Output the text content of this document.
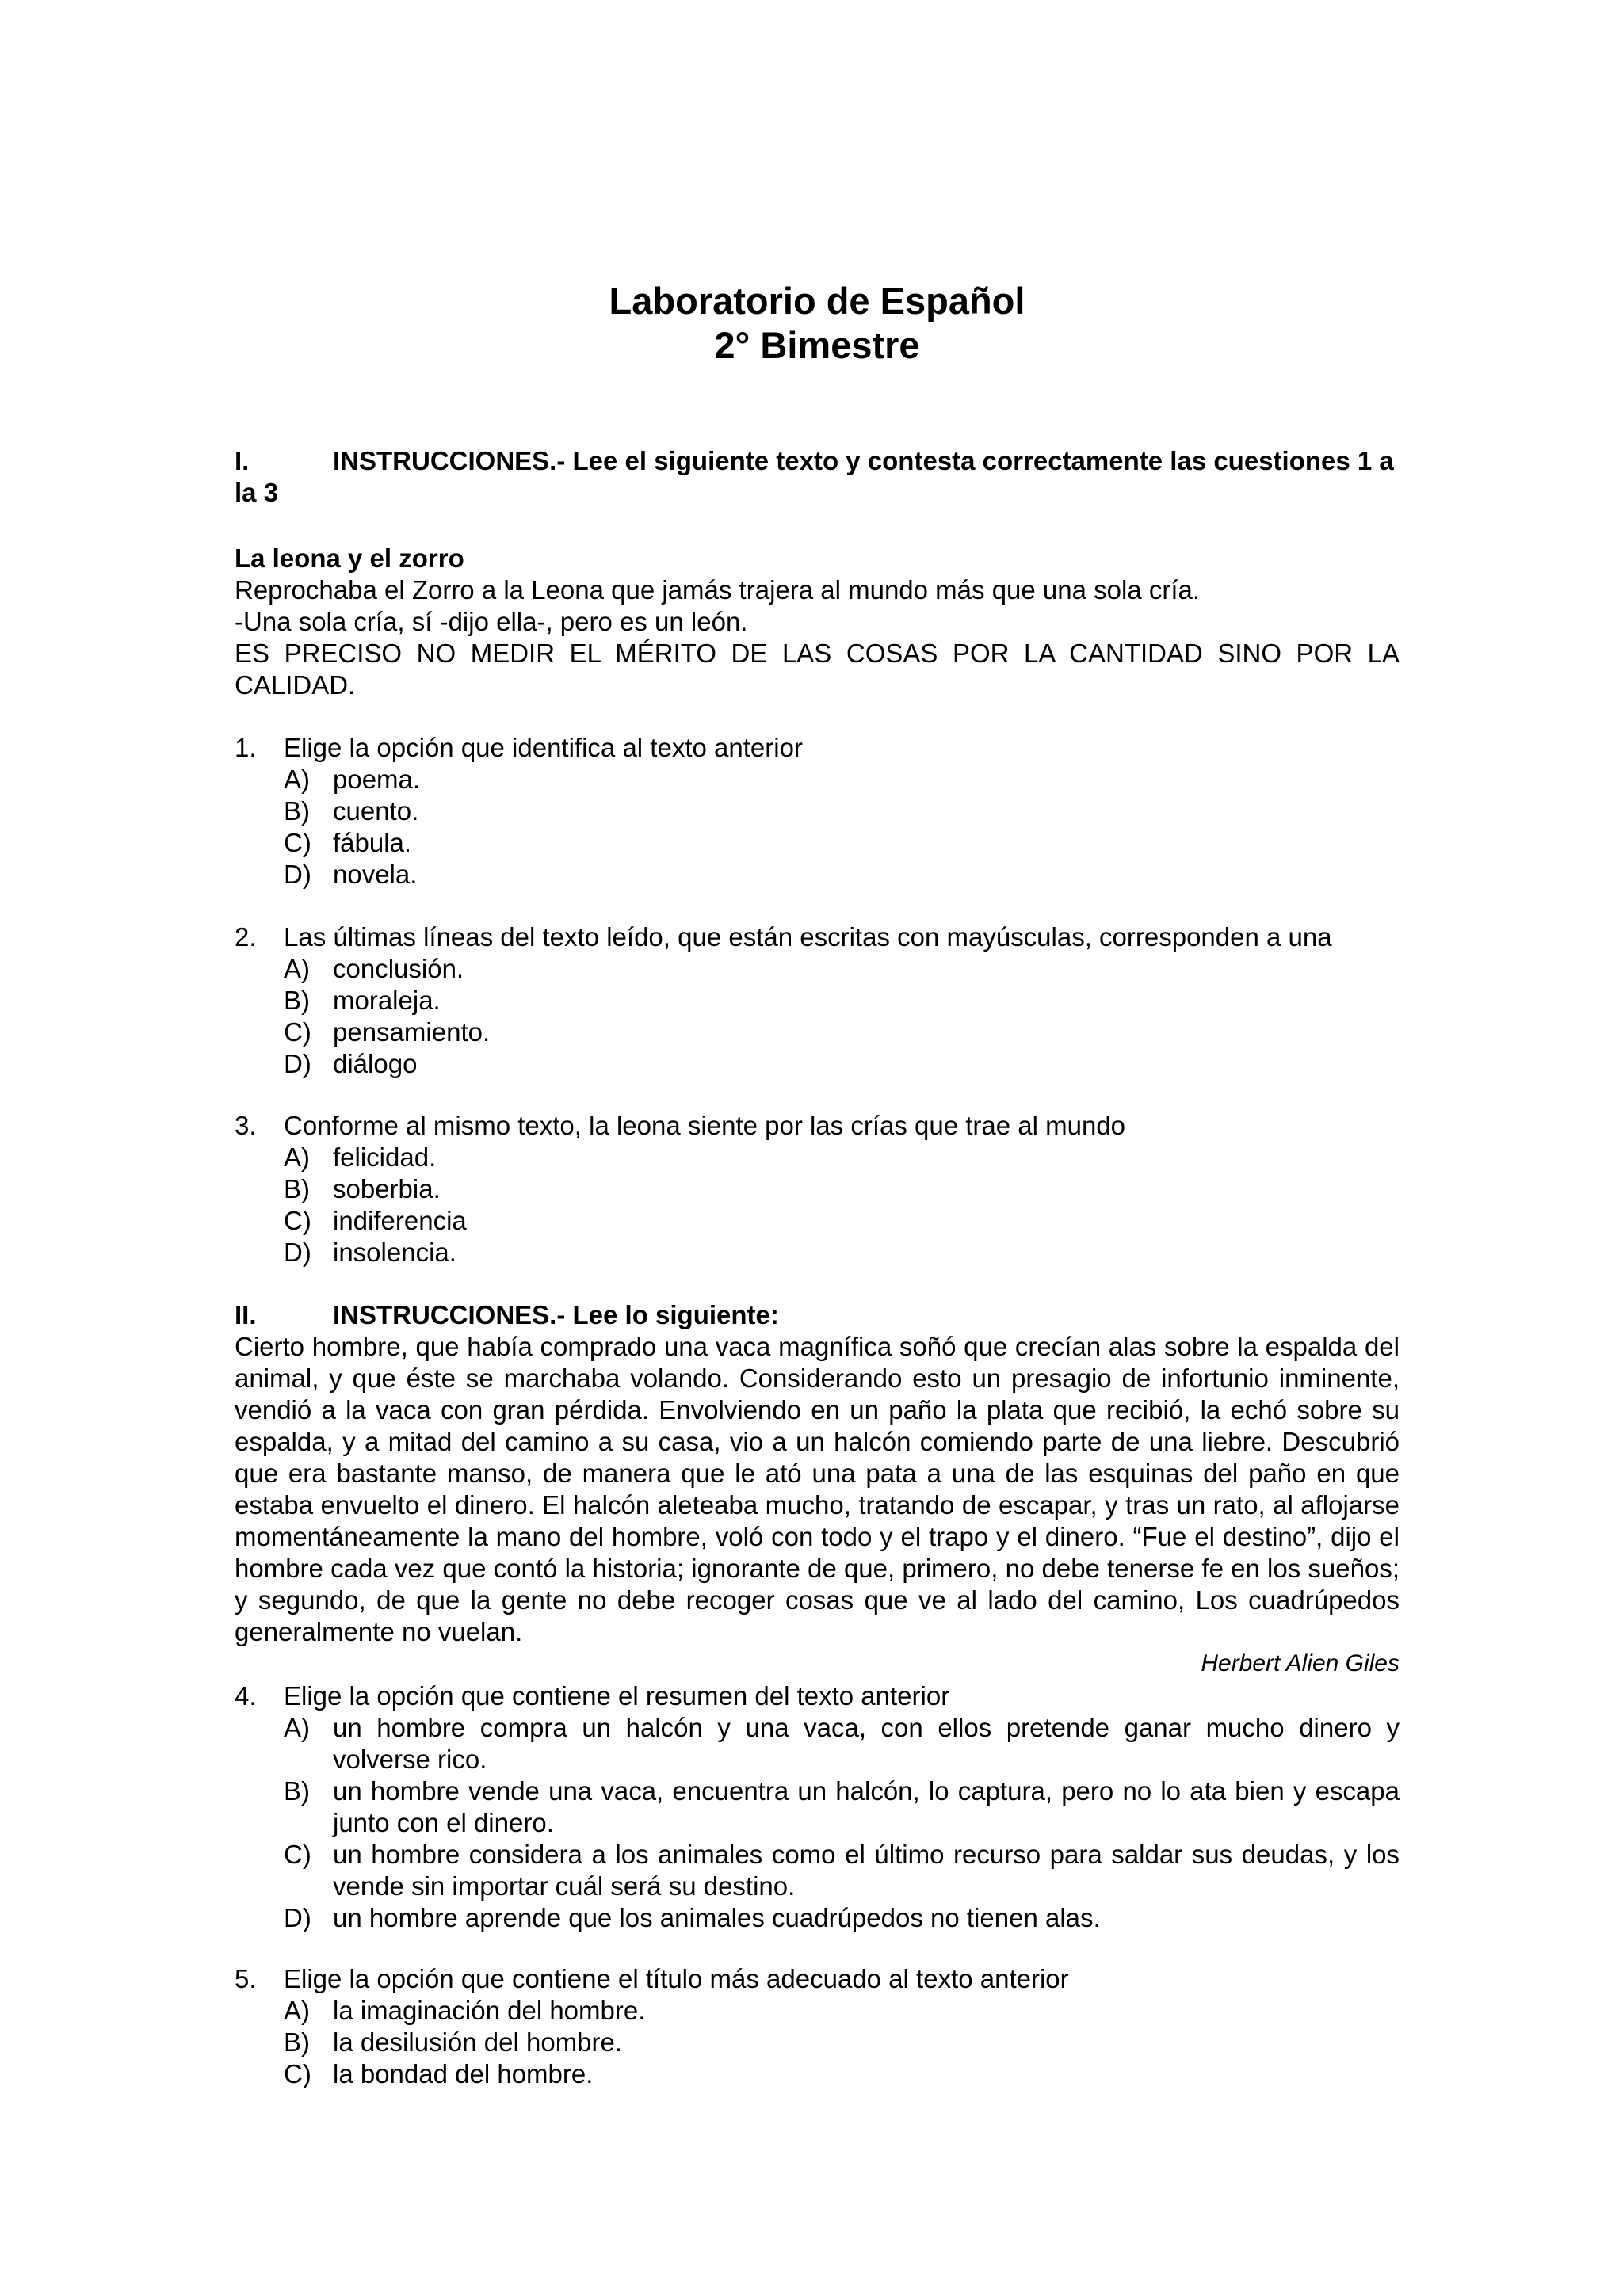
Laboratorio de Español
2° Bimestre
I.	INSTRUCCIONES.- Lee el siguiente texto y contesta correctamente las cuestiones 1 a la 3
La leona y el zorro
Reprochaba el Zorro a la Leona que jamás trajera al mundo más que una sola cría.
-Una sola cría, sí -dijo ella-, pero es un león.
ES PRECISO NO MEDIR EL MÉRITO DE LAS COSAS POR LA CANTIDAD SINO POR LA CALIDAD.
1. Elige la opción que identifica al texto anterior
A) poema.
B) cuento.
C) fábula.
D) novela.
2. Las últimas líneas del texto leído, que están escritas con mayúsculas, corresponden a una
A) conclusión.
B) moraleja.
C) pensamiento.
D) diálogo
3. Conforme al mismo texto, la leona siente por las crías que trae al mundo
A) felicidad.
B) soberbia.
C) indiferencia
D) insolencia.
II.	INSTRUCCIONES.- Lee lo siguiente:
Cierto hombre, que había comprado una vaca magnífica soñó que crecían alas sobre la espalda del animal, y que éste se marchaba volando. Considerando esto un presagio de infortunio inminente, vendió a la vaca con gran pérdida. Envolviendo en un paño la plata que recibió, la echó sobre su espalda, y a mitad del camino a su casa, vio a un halcón comiendo parte de una liebre. Descubrió que era bastante manso, de manera que le ató una pata a una de las esquinas del paño en que estaba envuelto el dinero. El halcón aleteaba mucho, tratando de escapar, y tras un rato, al aflojarse momentáneamente la mano del hombre, voló con todo y el trapo y el dinero. “Fue el destino”, dijo el hombre cada vez que contó la historia; ignorante de que, primero, no debe tenerse fe en los sueños; y segundo, de que la gente no debe recoger cosas que ve al lado del camino, Los cuadrúpedos generalmente no vuelan.
Herbert Alien Giles
4. Elige la opción que contiene el resumen del texto anterior
A) un hombre compra un halcón y una vaca, con ellos pretende ganar mucho dinero y volverse rico.
B) un hombre vende una vaca, encuentra un halcón, lo captura, pero no lo ata bien y escapa junto con el dinero.
C) un hombre considera a los animales como el último recurso para saldar sus deudas, y los vende sin importar cuál será su destino.
D) un hombre aprende que los animales cuadrúpedos no tienen alas.
5. Elige la opción que contiene el título más adecuado al texto anterior
A) la imaginación del hombre.
B) la desilusión del hombre.
C) la bondad del hombre.
